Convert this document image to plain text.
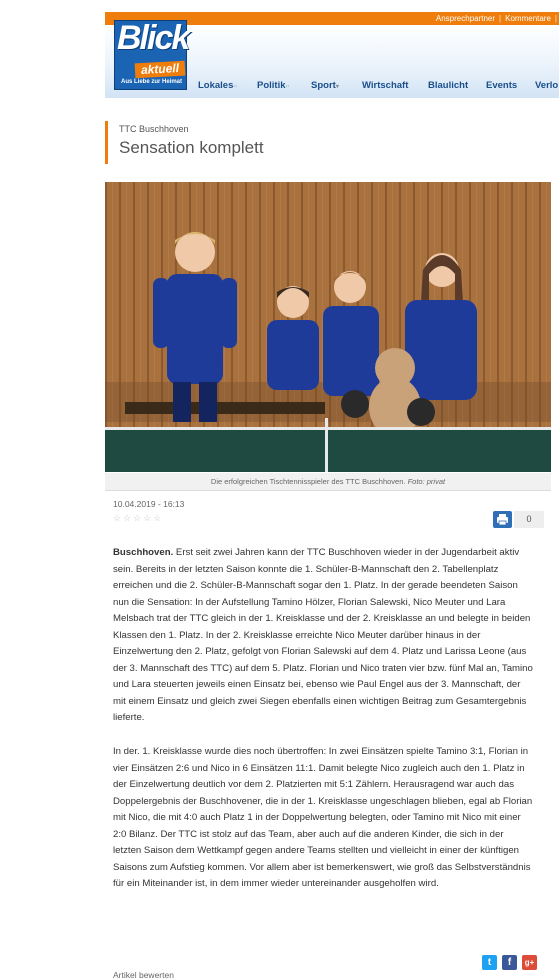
Ansprechpartner | Kommentare |
Blick
aktuell
Aus Liebe zur Heimat	Lokales·· Politik·· Sport▾ Wirtschaft Blaulicht Events Verlo
TTC Buschhoven
Sensation komplett
Die erfolgreichen Tischtennisspieler des TTC Buschhoven. Foto: privat
10.04.2019 - 16:13
☆☆☆☆☆	0

Buschhoven. Erst seit zwei Jahren kann der TTC Buschhoven wieder in der Jugendarbeit aktiv sein. Bereits in der letzten Saison konnte die 1. Schüler-B-Mannschaft den 2. Tabellenplatz erreichen und die 2. Schüler-B-Mannschaft sogar den 1. Platz. In der gerade beendeten Saison nun die Sensation: In der Aufstellung Tamino Hölzer, Florian Salewski, Nico Meuter und Lara Melsbach trat der TTC gleich in der 1. Kreisklasse und der 2. Kreisklasse an und belegte in beiden Klassen den 1. Platz. In der 2. Kreisklasse erreichte Nico Meuter darüber hinaus in der Einzelwertung den 2. Platz, gefolgt von Florian Salewski auf dem 4. Platz und Larissa Leone (aus der 3. Mannschaft des TTC) auf dem 5. Platz. Florian und Nico traten vier bzw. fünf Mal an, Tamino und Lara steuerten jeweils einen Einsatz bei, ebenso wie Paul Engel aus der 3. Mannschaft, der mit einem Einsatz und gleich zwei Siegen ebenfalls einen wichtigen Beitrag zum Gesamtergebnis lieferte.

In der. 1. Kreisklasse wurde dies noch übertroffen: In zwei Einsätzen spielte Tamino 3:1, Florian in vier Einsätzen 2:6 und Nico in 6 Einsätzen 11:1. Damit belegte Nico zugleich auch den 1. Platz in der Einzelwertung deutlich vor dem 2. Platzierten mit 5:1 Zählern. Herausragend war auch das Doppelergebnis der Buschhovener, die in der 1. Kreisklasse ungeschlagen blieben, egal ab Florian mit Nico, die mit 4:0 auch Platz 1 in der Doppelwertung belegten, oder Tamino mit Nico mit einer 2:0 Bilanz. Der TTC ist stolz auf das Team, aber auch auf die anderen Kinder, die sich in der letzten Saison dem Wettkampf gegen andere Teams stellten und vielleicht in einer der künftigen Saisons zum Aufstieg kommen. Vor allem aber ist bemerkenswert, wie groß das Selbstverständnis für ein Miteinander ist, in dem immer wieder untereinander ausgeholfen wird.

t	f	g+
Artikel bewerten
